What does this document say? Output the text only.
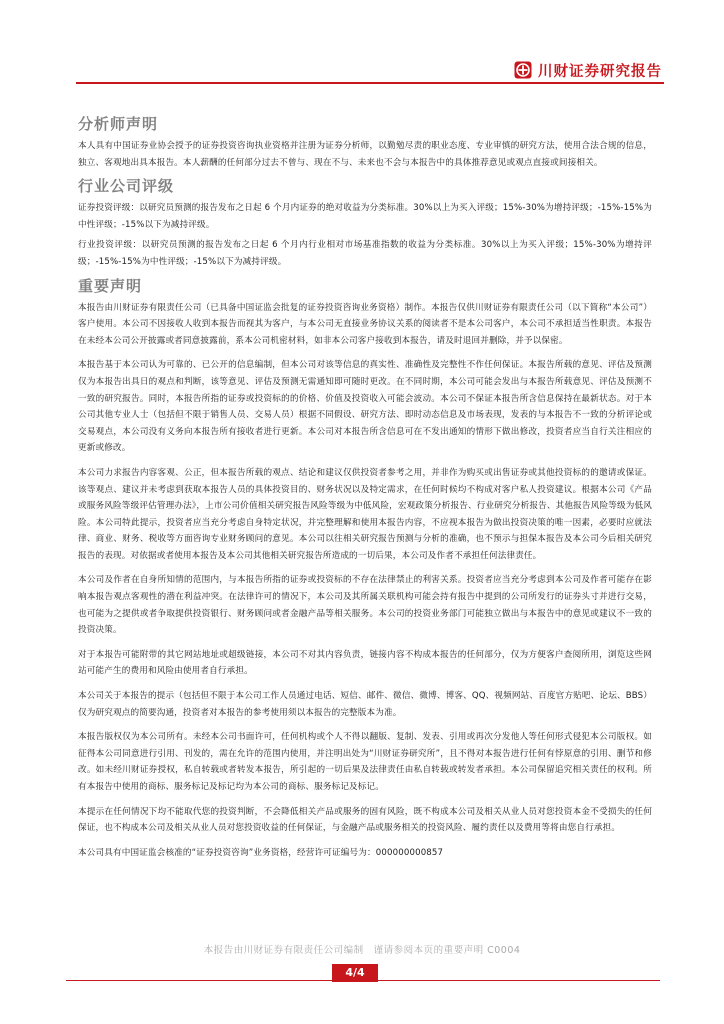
川财证券研究报告
分析师声明

本人具有中国证券业协会授予的证券投资咨询执业资格并注册为证券分析师，以勤勉尽责的职业态度、专业审慎的研究方法，使用合法合规的信息，独立、客观地出具本报告。本人薪酬的任何部分过去不曾与、现在不与、未来也不会与本报告中的具体推荐意见或观点直接或间接相关。

行业公司评级

证券投资评级：以研究员预测的报告发布之日起 6 个月内证券的绝对收益为分类标准。30%以上为买入评级；15%-30%为增持评级；-15%-15%为中性评级；-15%以下为减持评级。

行业投资评级：以研究员预测的报告发布之日起 6 个月内行业相对市场基准指数的收益为分类标准。30%以上为买入评级；15%-30%为增持评级；-15%-15%为中性评级；-15%以下为减持评级。

重要声明

本报告由川财证券有限责任公司（已具备中国证监会批复的证券投资咨询业务资格）制作。本报告仅供川财证券有限责任公司（以下简称“本公司”）客户使用。本公司不因接收人收到本报告而视其为客户，与本公司无直接业务协议关系的阅读者不是本公司客户，本公司不承担适当性职责。本报告在未经本公司公开披露或者同意披露前，系本公司机密材料，如非本公司客户接收到本报告，请及时退回并删除，并予以保密。

本报告基于本公司认为可靠的、已公开的信息编制，但本公司对该等信息的真实性、准确性及完整性不作任何保证。本报告所载的意见、评估及预测仅为本报告出具日的观点和判断，该等意见、评估及预测无需通知即可随时更改。在不同时期，本公司可能会发出与本报告所载意见、评估及预测不一致的研究报告。同时，本报告所指的证券或投资标的的价格、价值及投资收入可能会波动。本公司不保证本报告所含信息保持在最新状态。对于本公司其他专业人士（包括但不限于销售人员、交易人员）根据不同假设、研究方法、即时动态信息及市场表现，发表的与本报告不一致的分析评论或交易观点，本公司没有义务向本报告所有接收者进行更新。本公司对本报告所含信息可在不发出通知的情形下做出修改，投资者应当自行关注相应的更新或修改。

本公司力求报告内容客观、公正，但本报告所载的观点、结论和建议仅供投资者参考之用，并非作为购买或出售证券或其他投资标的的邀请或保证。该等观点、建议并未考虑到获取本报告人员的具体投资目的、财务状况以及特定需求，在任何时候均不构成对客户私人投资建议。根据本公司《产品或服务风险等级评估管理办法》，上市公司价值相关研究报告风险等级为中低风险，宏观政策分析报告、行业研究分析报告、其他报告风险等级为低风险。本公司特此提示，投资者应当充分考虑自身特定状况，并完整理解和使用本报告内容，不应视本报告为做出投资决策的唯一因素，必要时应就法律、商业、财务、税收等方面咨询专业财务顾问的意见。本公司以往相关研究报告预测与分析的准确，也不预示与担保本报告及本公司今后相关研究报告的表现。对依据或者使用本报告及本公司其他相关研究报告所造成的一切后果，本公司及作者不承担任何法律责任。

本公司及作者在自身所知情的范围内，与本报告所指的证券或投资标的不存在法律禁止的利害关系。投资者应当充分考虑到本公司及作者可能存在影响本报告观点客观性的潜在利益冲突。在法律许可的情况下，本公司及其所属关联机构可能会持有报告中提到的公司所发行的证券头寸并进行交易，也可能为之提供或者争取提供投资银行、财务顾问或者金融产品等相关服务。本公司的投资业务部门可能独立做出与本报告中的意见或建议不一致的投资决策。

对于本报告可能附带的其它网站地址或超级链接，本公司不对其内容负责，链接内容不构成本报告的任何部分，仅为方便客户查阅所用，浏览这些网站可能产生的费用和风险由使用者自行承担。

本公司关于本报告的提示（包括但不限于本公司工作人员通过电话、短信、邮件、微信、微博、博客、QQ、视频网站、百度官方贴吧、论坛、BBS）仅为研究观点的简要沟通，投资者对本报告的参考使用须以本报告的完整版本为准。

本报告版权仅为本公司所有。未经本公司书面许可，任何机构或个人不得以翻版、复制、发表、引用或再次分发他人等任何形式侵犯本公司版权。如征得本公司同意进行引用、刊发的，需在允许的范围内使用，并注明出处为“川财证券研究所”，且不得对本报告进行任何有悖原意的引用、删节和修改。如未经川财证券授权，私自转载或者转发本报告，所引起的一切后果及法律责任由私自转载或转发者承担。本公司保留追究相关责任的权利。所有本报告中使用的商标、服务标记及标记均为本公司的商标、服务标记及标记。

本提示在任何情况下均不能取代您的投资判断，不会降低相关产品或服务的固有风险，既不构成本公司及相关从业人员对您投资本金不受损失的任何保证，也不构成本公司及相关从业人员对您投资收益的任何保证，与金融产品或服务相关的投资风险、履约责任以及费用等将由您自行承担。

本公司具有中国证监会核准的“证券投资咨询”业务资格，经营许可证编号为：000000000857

本报告由川财证券有限责任公司编制　谨请参阅本页的重要声明 C0004
4/4
